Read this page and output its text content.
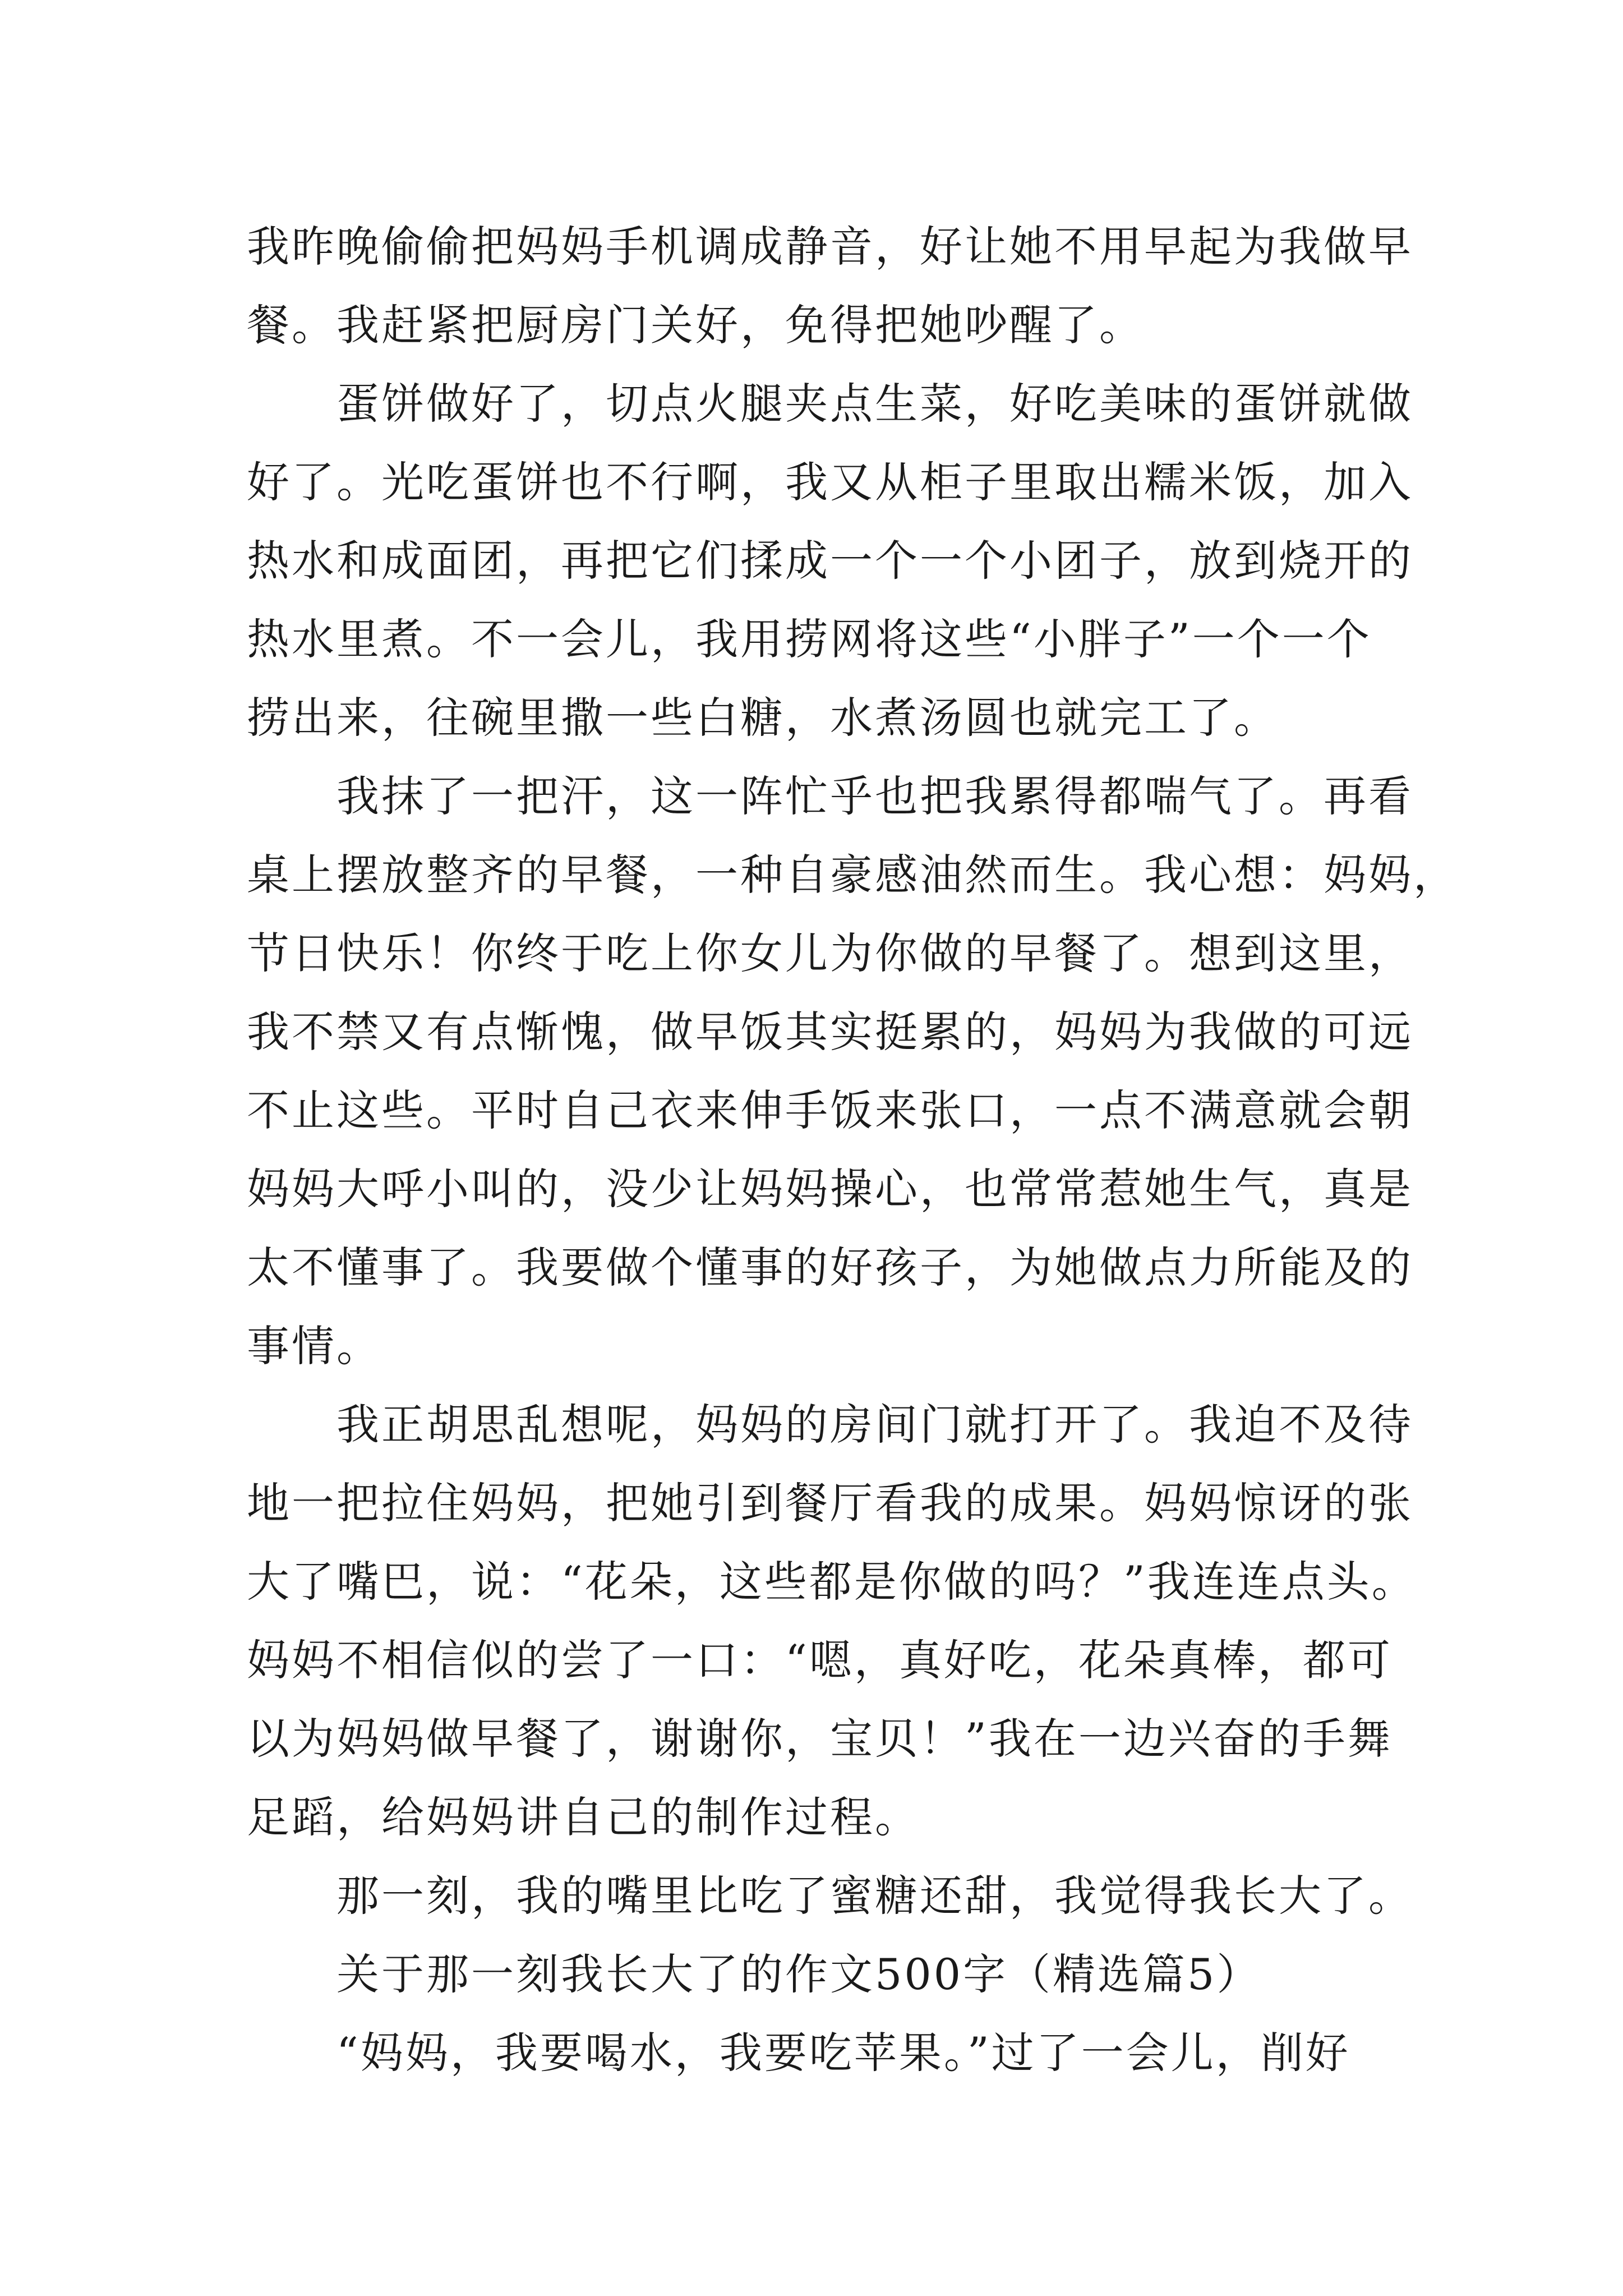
我昨晚偷偷把妈妈手机调成静音，好让她不用早起为我做早
餐。我赶紧把厨房门关好，免得把她吵醒了。
蛋饼做好了，切点火腿夹点生菜，好吃美味的蛋饼就做
好了。光吃蛋饼也不行啊，我又从柜子里取出糯米饭，加入
热水和成面团，再把它们揉成一个一个小团子，放到烧开的
热水里煮。不一会儿，我用捞网将这些“小胖子”一个一个
捞出来，往碗里撒一些白糖，水煮汤圆也就完工了。
我抹了一把汗，这一阵忙乎也把我累得都喘气了。再看
桌上摆放整齐的早餐，一种自豪感油然而生。我心想：妈妈，
节日快乐！你终于吃上你女儿为你做的早餐了。想到这里，
我不禁又有点惭愧，做早饭其实挺累的，妈妈为我做的可远
不止这些。平时自己衣来伸手饭来张口，一点不满意就会朝
妈妈大呼小叫的，没少让妈妈操心，也常常惹她生气，真是
太不懂事了。我要做个懂事的好孩子，为她做点力所能及的
事情。
我正胡思乱想呢，妈妈的房间门就打开了。我迫不及待
地一把拉住妈妈，把她引到餐厅看我的成果。妈妈惊讶的张
大了嘴巴，说：“花朵，这些都是你做的吗？”我连连点头。
妈妈不相信似的尝了一口：“嗯，真好吃，花朵真棒，都可
以为妈妈做早餐了，谢谢你，宝贝！”我在一边兴奋的手舞
足蹈，给妈妈讲自己的制作过程。
那一刻，我的嘴里比吃了蜜糖还甜，我觉得我长大了。
关于那一刻我长大了的作文500字（精选篇5）
“妈妈，我要喝水，我要吃苹果。”过了一会儿，削好
